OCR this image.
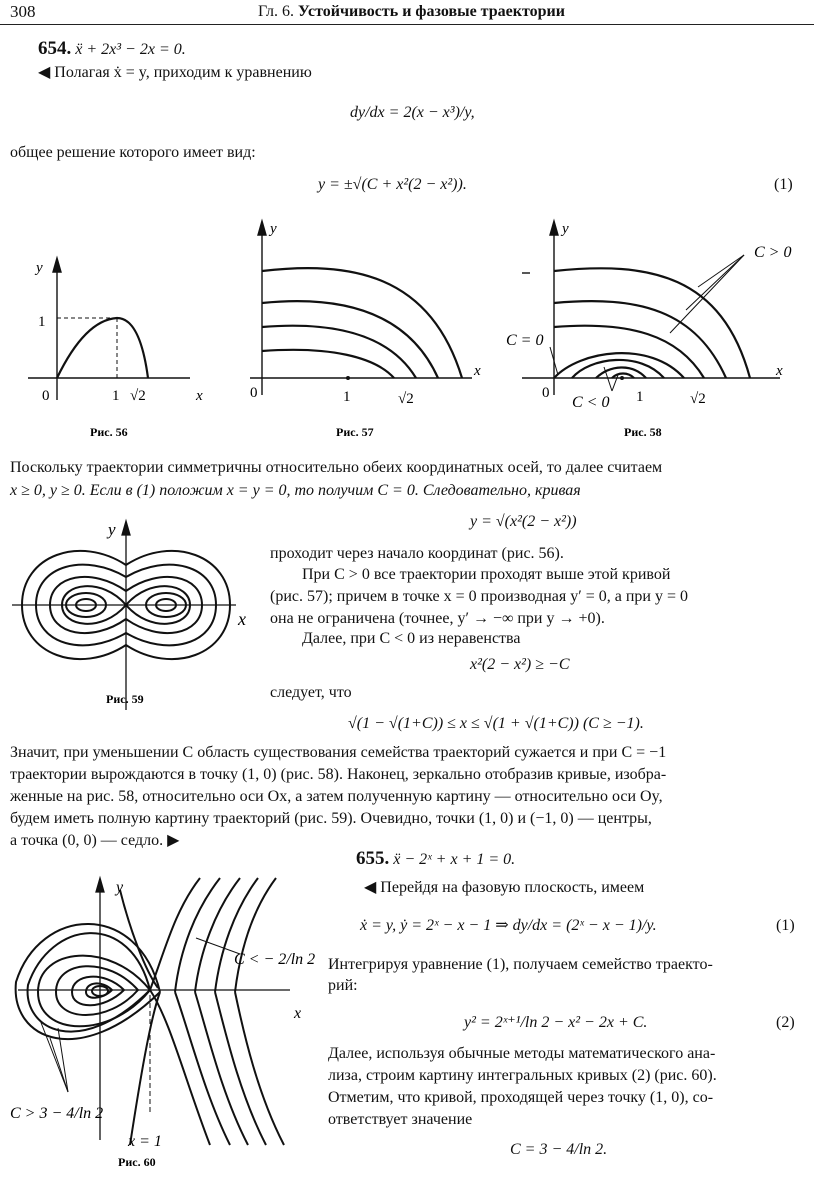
308	Гл. 6. Устойчивость и фазовые траектории
654. ẍ + 2x³ − 2x = 0.
◀ Полагая ẋ = y, приходим к уравнению
dy/dx = 2(x − x³)/y,
общее решение которого имеет вид:
y = ±√(C + x²(2 − x²)).	(1)
y
1
0	1 √2	x
Рис. 56
y
0	1	√2
x
Рис. 57
y
C > 0
C = 0
0
C < 0 1	√2
x
Рис. 58
Поскольку траектории симметричны относительно обеих координатных осей, то далее считаем
x ≥ 0, y ≥ 0. Если в (1) положим x = y = 0, то получим C = 0. Следовательно, кривая
y = √(x²(2 − x²))
проходит через начало координат (рис. 56).
При C > 0 все траектории проходят выше этой кривой
(рис. 57); причем в точке x = 0 производная y′ = 0, а при y = 0
она не ограничена (точнее, y′ → −∞ при y → +0).
Далее, при C < 0 из неравенства
x²(2 − x²) ≥ −C
следует, что
√(1 − √(1+C)) ≤ x ≤ √(1 + √(1+C)) (C ≥ −1).
y
x
Рис. 59
Значит, при уменьшении C область существования семейства траекторий сужается и при C = −1
траектории вырождаются в точку (1, 0) (рис. 58). Наконец, зеркально отобразив кривые, изобра-
женные на рис. 58, относительно оси Ox, а затем полученную картину — относительно оси Oy,
будем иметь полную картину траекторий (рис. 59). Очевидно, точки (1, 0) и (−1, 0) — центры,
а точка (0, 0) — седло. ▶
y
x
C < − 2/ln 2
C > 3 − 4/ln 2
x = 1
Рис. 60
655. ẍ − 2ˣ + x + 1 = 0.
◀ Перейдя на фазовую плоскость, имеем
ẋ = y, ẏ = 2ˣ − x − 1 ⇒ dy/dx = (2ˣ − x − 1)/y.	(1)
Интегрируя уравнение (1), получаем семейство траекто-
рий:
y² = 2ˣ⁺¹/ln 2 − x² − 2x + C.	(2)
Далее, используя обычные методы математического ана-
лиза, строим картину интегральных кривых (2) (рис. 60).
Отметим, что кривой, проходящей через точку (1, 0), со-
ответствует значение
C = 3 − 4/ln 2.
